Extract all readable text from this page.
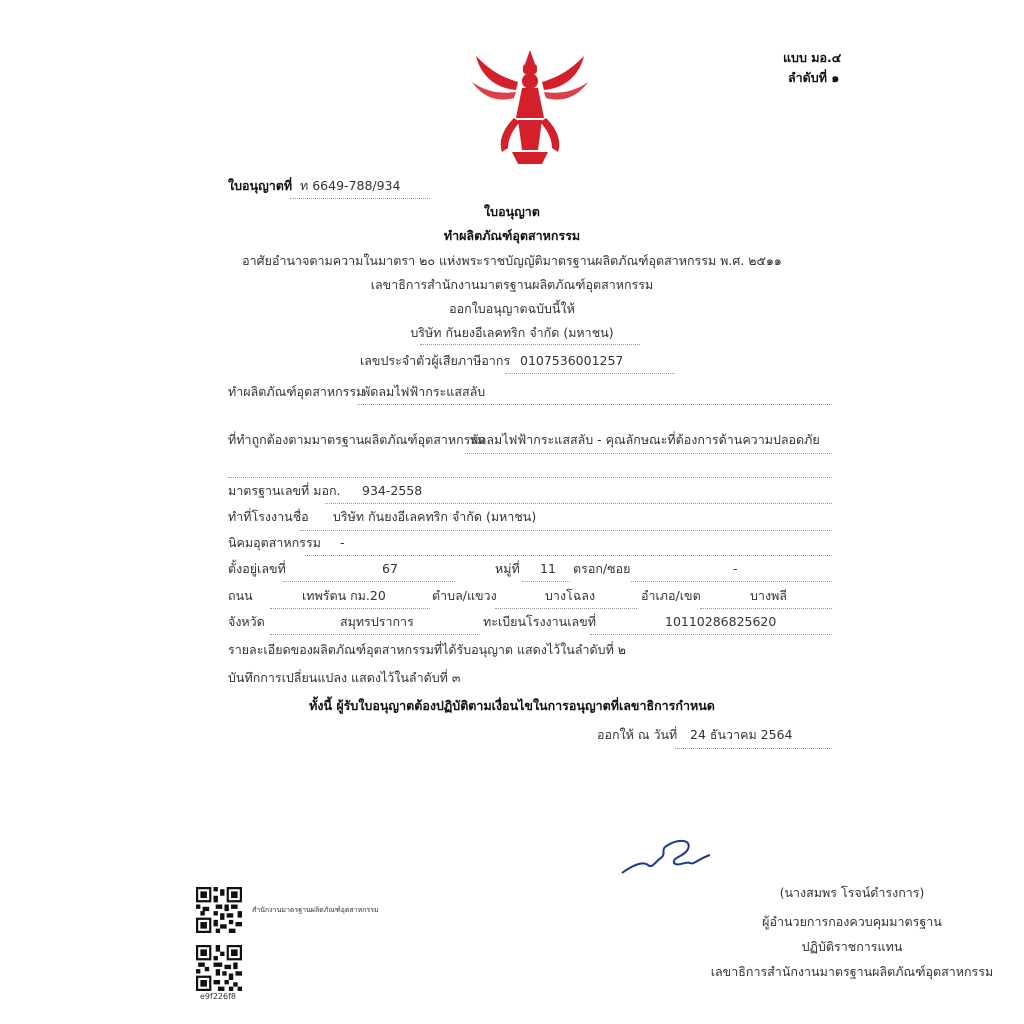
แบบ มอ.๔
ลำดับที่ ๑
ใบอนุญาตที่ ท 6649-788/934
ใบอนุญาต
ทำผลิตภัณฑ์อุตสาหกรรม
อาศัยอำนาจตามความในมาตรา ๒๐ แห่งพระราชบัญญัติมาตรฐานผลิตภัณฑ์อุตสาหกรรม พ.ศ. ๒๕๑๑
เลขาธิการสำนักงานมาตรฐานผลิตภัณฑ์อุตสาหกรรม
ออกใบอนุญาตฉบับนี้ให้
บริษัท กันยงอีเลคทริก จำกัด (มหาชน)
เลขประจำตัวผู้เสียภาษีอากร 0107536001257
ทำผลิตภัณฑ์อุตสาหกรรม
พัดลมไฟฟ้ากระแสสลับ
ที่ทำถูกต้องตามมาตรฐานผลิตภัณฑ์อุตสาหกรรม
พัดลมไฟฟ้ากระแสสลับ - คุณลักษณะที่ต้องการด้านความปลอดภัย
มาตรฐานเลขที่ มอก. 934-2558
ทำที่โรงงานชื่อ บริษัท กันยงอีเลคทริก จำกัด (มหาชน)
นิคมอุตสาหกรรม -
ตั้งอยู่เลขที่	67	หมู่ที่ 11 ตรอก/ซอย	-
ถนน	เทพรัตน กม.20	ตำบล/แขวง	บางโฉลง	อำเภอ/เขต	บางพลี
จังหวัด	สมุทรปราการ	ทะเบียนโรงงานเลขที่	10110286825620
รายละเอียดของผลิตภัณฑ์อุตสาหกรรมที่ได้รับอนุญาต แสดงไว้ในลำดับที่ ๒
บันทึกการเปลี่ยนแปลง แสดงไว้ในลำดับที่ ๓
ทั้งนี้ ผู้รับใบอนุญาตต้องปฏิบัติตามเงื่อนไขในการอนุญาตที่เลขาธิการกำหนด
ออกให้ ณ วันที่ 24 ธันวาคม 2564
(นางสมพร โรจน์ดำรงการ)
ผู้อำนวยการกองควบคุมมาตรฐาน
ปฏิบัติราชการแทน
เลขาธิการสำนักงานมาตรฐานผลิตภัณฑ์อุตสาหกรรม
สำนักงานมาตรฐานผลิตภัณฑ์อุตสาหกรรม
e9f226f8
